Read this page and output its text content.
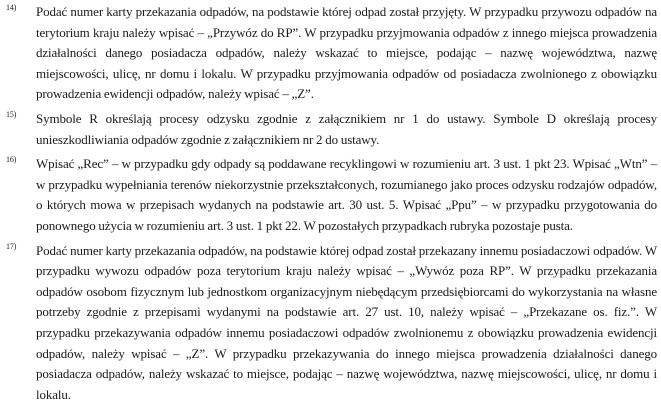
14) Podać numer karty przekazania odpadów, na podstawie której odpad został przyjęty. W przypadku przywozu odpadów na terytorium kraju należy wpisać – „Przywóz do RP”. W przypadku przyjmowania odpadów z innego miejsca prowadzenia działalności danego posiadacza odpadów, należy wskazać to miejsce, podając – nazwę województwa, nazwę miejscowości, ulicę, nr domu i lokalu. W przypadku przyjmowania odpadów od posiadacza zwolnionego z obowiązku prowadzenia ewidencji odpadów, należy wpisać – „Z”.
15) Symbole R określają procesy odzysku zgodnie z załącznikiem nr 1 do ustawy. Symbole D określają procesy unieszkodliwiania odpadów zgodnie z załącznikiem nr 2 do ustawy.
16) Wpisać „Rec” – w przypadku gdy odpady są poddawane recyklingowi w rozumieniu art. 3 ust. 1 pkt 23. Wpisać „Wtn” – w przypadku wypełniania terenów niekorzystnie przekształconych, rozumianego jako proces odzysku rodzajów odpadów, o których mowa w przepisach wydanych na podstawie art. 30 ust. 5. Wpisać „Ppu” – w przypadku przygotowania do ponownego użycia w rozumieniu art. 3 ust. 1 pkt 22. W pozostałych przypadkach rubryka pozostaje pusta.
17) Podać numer karty przekazania odpadów, na podstawie której odpad został przekazany innemu posiadaczowi odpadów. W przypadku wywozu odpadów poza terytorium kraju należy wpisać – „Wywóz poza RP”. W przypadku przekazania odpadów osobom fizycznym lub jednostkom organizacyjnym niebędącym przedsiębiorcami do wykorzystania na własne potrzeby zgodnie z przepisami wydanymi na podstawie art. 27 ust. 10, należy wpisać – „Przekazane os. fiz.”. W przypadku przekazywania odpadów innemu posiadaczowi odpadów zwolnionemu z obowiązku prowadzenia ewidencji odpadów, należy wpisać – „Z”. W przypadku przekazywania do innego miejsca prowadzenia działalności danego posiadacza odpadów, należy wskazać to miejsce, podając – nazwę województwa, nazwę miejscowości, ulicę, nr domu i lokalu.
